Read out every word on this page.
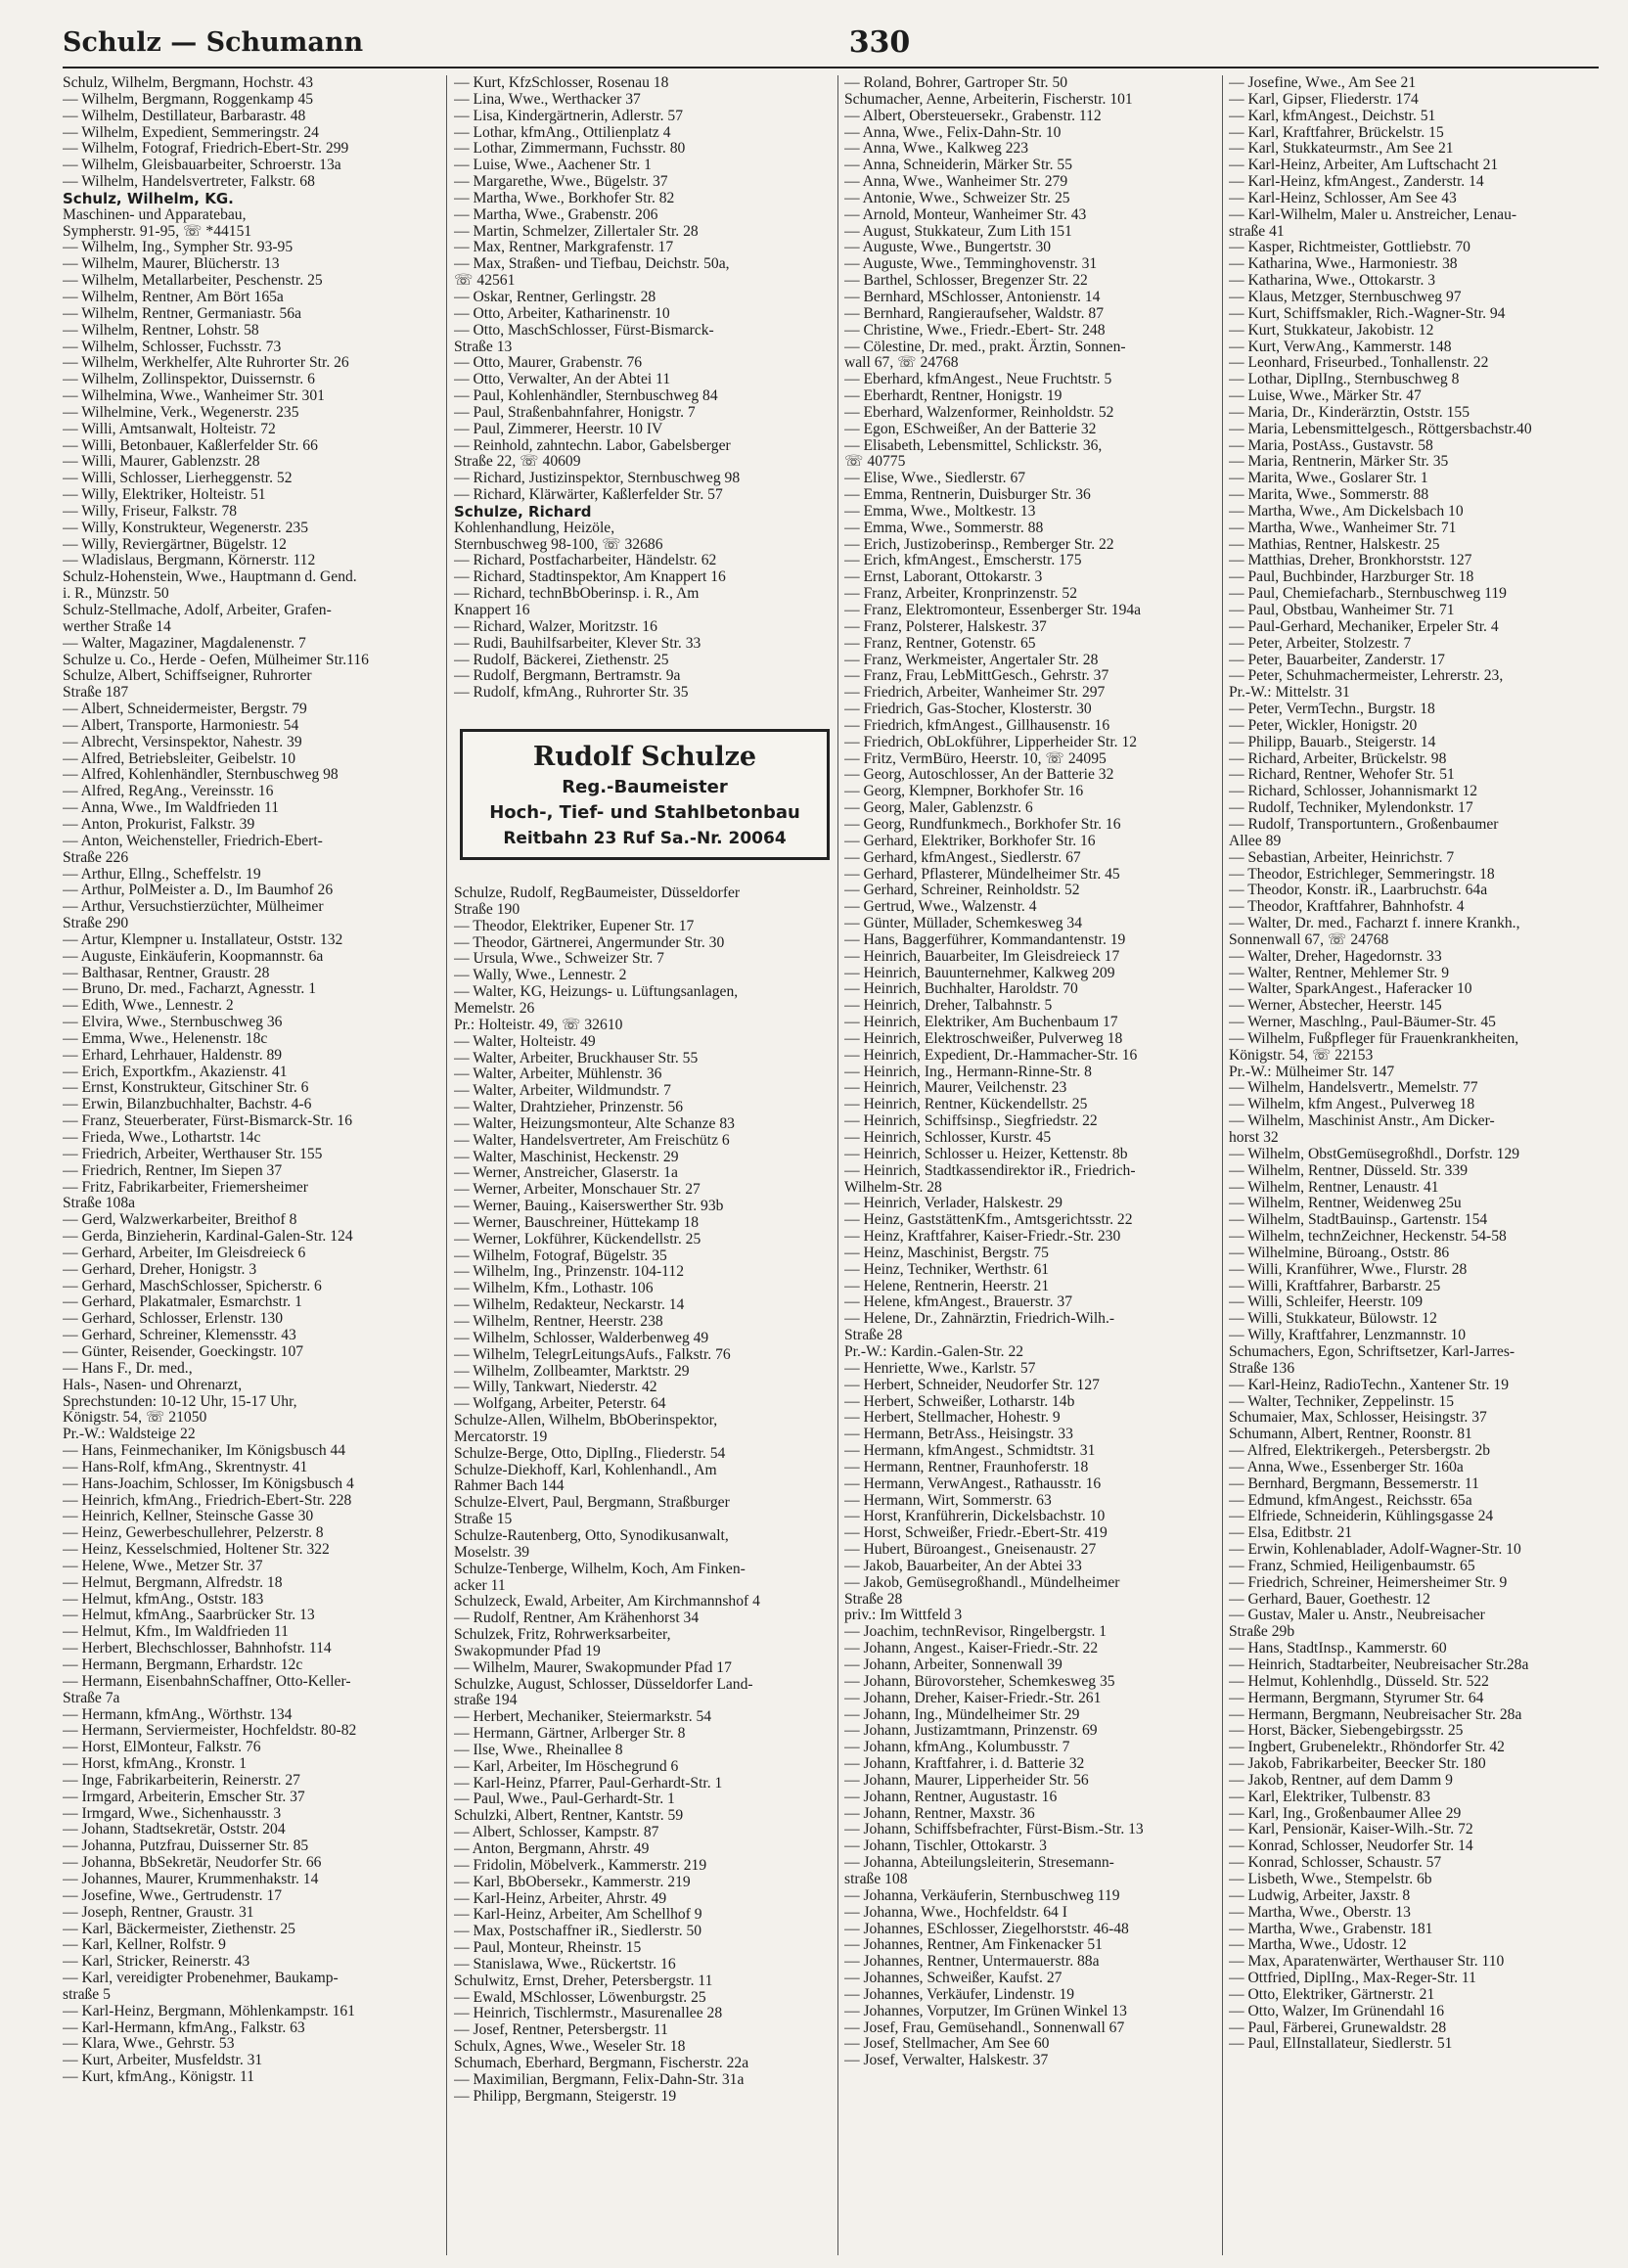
Schulz — Schumann	330
Schulz, Wilhelm, Bergmann, Hochstr. 43
— Wilhelm, Bergmann, Roggenkamp 45
— Wilhelm, Destillateur, Barbarastr. 48
— Wilhelm, Expedient, Semmeringstr. 24
— Wilhelm, Fotograf, Friedrich-Ebert-Str. 299
— Wilhelm, Gleisbauarbeiter, Schroerstr. 13a
— Wilhelm, Handelsvertreter, Falkstr. 68
Schulz, Wilhelm, KG.
Maschinen- und Apparatebau,
Sympherstr. 91-95, ☏ *44151
— Wilhelm, Ing., Sympher Str. 93-95
— Wilhelm, Maurer, Blücherstr. 13
— Wilhelm, Metallarbeiter, Peschenstr. 25
— Wilhelm, Rentner, Am Bört 165a
— Wilhelm, Rentner, Germaniastr. 56a
— Wilhelm, Rentner, Lohstr. 58
— Wilhelm, Schlosser, Fuchsstr. 73
— Wilhelm, Werkhelfer, Alte Ruhrorter Str. 26
— Wilhelm, Zollinspektor, Duissernstr. 6
— Wilhelmina, Wwe., Wanheimer Str. 301
— Wilhelmine, Verk., Wegenerstr. 235
— Willi, Amtsanwalt, Holteistr. 72
— Willi, Betonbauer, Kaßlerfelder Str. 66
— Willi, Maurer, Gablenzstr. 28
— Willi, Schlosser, Lierheggenstr. 52
— Willy, Elektriker, Holteistr. 51
— Willy, Friseur, Falkstr. 78
— Willy, Konstrukteur, Wegenerstr. 235
— Willy, Reviergärtner, Bügelstr. 12
— Wladislaus, Bergmann, Körnerstr. 112
Schulz-Hohenstein, Wwe., Hauptmann d. Gend.
i. R., Münzstr. 50
Schulz-Stellmache, Adolf, Arbeiter, Grafen-
werther Straße 14
— Walter, Magaziner, Magdalenenstr. 7
Schulze u. Co., Herde - Oefen, Mülheimer Str.116
Schulze, Albert, Schiffseigner, Ruhrorter
Straße 187
— Albert, Schneidermeister, Bergstr. 79
— Albert, Transporte, Harmoniestr. 54
— Albrecht, Versinspektor, Nahestr. 39
— Alfred, Betriebsleiter, Geibelstr. 10
— Alfred, Kohlenhändler, Sternbuschweg 98
— Alfred, RegAng., Vereinsstr. 16
— Anna, Wwe., Im Waldfrieden 11
— Anton, Prokurist, Falkstr. 39
— Anton, Weichensteller, Friedrich-Ebert-
Straße 226
— Arthur, Ellng., Scheffelstr. 19
— Arthur, PolMeister a. D., Im Baumhof 26
— Arthur, Versuchstierzüchter, Mülheimer
Straße 290
— Artur, Klempner u. Installateur, Oststr. 132
— Auguste, Einkäuferin, Koopmannstr. 6a
— Balthasar, Rentner, Graustr. 28
— Bruno, Dr. med., Facharzt, Agnesstr. 1
— Edith, Wwe., Lennestr. 2
— Elvira, Wwe., Sternbuschweg 36
— Emma, Wwe., Helenenstr. 18c
— Erhard, Lehrhauer, Haldenstr. 89
— Erich, Exportkfm., Akazienstr. 41
— Ernst, Konstrukteur, Gitschiner Str. 6
— Erwin, Bilanzbuchhalter, Bachstr. 4-6
— Franz, Steuerberater, Fürst-Bismarck-Str. 16
— Frieda, Wwe., Lothartstr. 14c
— Friedrich, Arbeiter, Werthauser Str. 155
— Friedrich, Rentner, Im Siepen 37
— Fritz, Fabrikarbeiter, Friemersheimer
Straße 108a
— Gerd, Walzwerkarbeiter, Breithof 8
— Gerda, Binzieherin, Kardinal-Galen-Str. 124
— Gerhard, Arbeiter, Im Gleisdreieck 6
— Gerhard, Dreher, Honigstr. 3
— Gerhard, MaschSchlosser, Spicherstr. 6
— Gerhard, Plakatmaler, Esmarchstr. 1
— Gerhard, Schlosser, Erlenstr. 130
— Gerhard, Schreiner, Klemensstr. 43
— Günter, Reisender, Goeckingstr. 107
— Hans F., Dr. med.,
Hals-, Nasen- und Ohrenarzt,
Sprechstunden: 10-12 Uhr, 15-17 Uhr,
Königstr. 54, ☏ 21050
Pr.-W.: Waldsteige 22
— Hans, Feinmechaniker, Im Königsbusch 44
— Hans-Rolf, kfmAng., Skrentnystr. 41
— Hans-Joachim, Schlosser, Im Königsbusch 4
— Heinrich, kfmAng., Friedrich-Ebert-Str. 228
— Heinrich, Kellner, Steinsche Gasse 30
— Heinz, Gewerbeschullehrer, Pelzerstr. 8
— Heinz, Kesselschmied, Holtener Str. 322
— Helene, Wwe., Metzer Str. 37
— Helmut, Bergmann, Alfredstr. 18
— Helmut, kfmAng., Oststr. 183
— Helmut, kfmAng., Saarbrücker Str. 13
— Helmut, Kfm., Im Waldfrieden 11
— Herbert, Blechschlosser, Bahnhofstr. 114
— Hermann, Bergmann, Erhardstr. 12c
— Hermann, EisenbahnSchaffner, Otto-Keller-
Straße 7a
— Hermann, kfmAng., Wörthstr. 134
— Hermann, Serviermeister, Hochfeldstr. 80-82
— Horst, ElMonteur, Falkstr. 76
— Horst, kfmAng., Kronstr. 1
— Inge, Fabrikarbeiterin, Reinerstr. 27
— Irmgard, Arbeiterin, Emscher Str. 37
— Irmgard, Wwe., Sichenhausstr. 3
— Johann, Stadtsekretär, Oststr. 204
— Johanna, Putzfrau, Duisserner Str. 85
— Johanna, BbSekretär, Neudorfer Str. 66
— Johannes, Maurer, Krummenhakstr. 14
— Josefine, Wwe., Gertrudenstr. 17
— Joseph, Rentner, Graustr. 31
— Karl, Bäckermeister, Ziethenstr. 25
— Karl, Kellner, Rolfstr. 9
— Karl, Stricker, Reinerstr. 43
— Karl, vereidigter Probenehmer, Baukamp-
straße 5
— Karl-Heinz, Bergmann, Möhlenkampstr. 161
— Karl-Hermann, kfmAng., Falkstr. 63
— Klara, Wwe., Gehrstr. 53
— Kurt, Arbeiter, Musfeldstr. 31
— Kurt, kfmAng., Königstr. 11
— Kurt, KfzSchlosser, Rosenau 18
— Lina, Wwe., Werthacker 37
— Lisa, Kindergärtnerin, Adlerstr. 57
— Lothar, kfmAng., Ottilienplatz 4
— Lothar, Zimmermann, Fuchsstr. 80
— Luise, Wwe., Aachener Str. 1
— Margarethe, Wwe., Bügelstr. 37
— Martha, Wwe., Borkhofer Str. 82
— Martha, Wwe., Grabenstr. 206
— Martin, Schmelzer, Zillertaler Str. 28
— Max, Rentner, Markgrafenstr. 17
— Max, Straßen- und Tiefbau, Deichstr. 50a,
☏ 42561
— Oskar, Rentner, Gerlingstr. 28
— Otto, Arbeiter, Katharinenstr. 10
— Otto, MaschSchlosser, Fürst-Bismarck-
Straße 13
— Otto, Maurer, Grabenstr. 76
— Otto, Verwalter, An der Abtei 11
— Paul, Kohlenhändler, Sternbuschweg 84
— Paul, Straßenbahnfahrer, Honigstr. 7
— Paul, Zimmerer, Heerstr. 10 IV
— Reinhold, zahntechn. Labor, Gabelsberger
Straße 22, ☏ 40609
— Richard, Justizinspektor, Sternbuschweg 98
— Richard, Klärwärter, Kaßlerfelder Str. 57
Schulze, Richard
Kohlenhandlung, Heizöle,
Sternbuschweg 98-100, ☏ 32686
— Richard, Postfacharbeiter, Händelstr. 62
— Richard, Stadtinspektor, Am Knappert 16
— Richard, technBbOberinsp. i. R., Am
Knappert 16
— Richard, Walzer, Moritzstr. 16
— Rudi, Bauhilfsarbeiter, Klever Str. 33
— Rudolf, Bäckerei, Ziethenstr. 25
— Rudolf, Bergmann, Bertramstr. 9a
— Rudolf, kfmAng., Ruhrorter Str. 35
Rudolf Schulze
Reg.-Baumeister
Hoch-, Tief- und Stahlbetonbau
Reitbahn 23 Ruf Sa.-Nr. 20064
Schulze, Rudolf, RegBaumeister, Düsseldorfer
Straße 190
— Theodor, Elektriker, Eupener Str. 17
— Theodor, Gärtnerei, Angermunder Str. 30
— Ursula, Wwe., Schweizer Str. 7
— Wally, Wwe., Lennestr. 2
— Walter, KG, Heizungs- u. Lüftungsanlagen,
Memelstr. 26
Pr.: Holteistr. 49, ☏ 32610
— Walter, Holteistr. 49
— Walter, Arbeiter, Bruckhauser Str. 55
— Walter, Arbeiter, Mühlenstr. 36
— Walter, Arbeiter, Wildmundstr. 7
— Walter, Drahtzieher, Prinzenstr. 56
— Walter, Heizungsmonteur, Alte Schanze 83
— Walter, Handelsvertreter, Am Freischütz 6
— Walter, Maschinist, Heckenstr. 29
— Werner, Anstreicher, Glaserstr. 1a
— Werner, Arbeiter, Monschauer Str. 27
— Werner, Bauing., Kaiserswerther Str. 93b
— Werner, Bauschreiner, Hüttekamp 18
— Werner, Lokführer, Kückendellstr. 25
— Wilhelm, Fotograf, Bügelstr. 35
— Wilhelm, Ing., Prinzenstr. 104-112
— Wilhelm, Kfm., Lothastr. 106
— Wilhelm, Redakteur, Neckarstr. 14
— Wilhelm, Rentner, Heerstr. 238
— Wilhelm, Schlosser, Walderbenweg 49
— Wilhelm, TelegrLeitungsAufs., Falkstr. 76
— Wilhelm, Zollbeamter, Marktstr. 29
— Willy, Tankwart, Niederstr. 42
— Wolfgang, Arbeiter, Peterstr. 64
Schulze-Allen, Wilhelm, BbOberinspektor,
Mercatorstr. 19
Schulze-Berge, Otto, DiplIng., Fliederstr. 54
Schulze-Diekhoff, Karl, Kohlenhandl., Am
Rahmer Bach 144
Schulze-Elvert, Paul, Bergmann, Straßburger
Straße 15
Schulze-Rautenberg, Otto, Synodikusanwalt,
Moselstr. 39
Schulze-Tenberge, Wilhelm, Koch, Am Finken-
acker 11
Schulzeck, Ewald, Arbeiter, Am Kirchmannshof 4
— Rudolf, Rentner, Am Krähenhorst 34
Schulzek, Fritz, Rohrwerksarbeiter,
Swakopmunder Pfad 19
— Wilhelm, Maurer, Swakopmunder Pfad 17
Schulzke, August, Schlosser, Düsseldorfer Land-
straße 194
— Herbert, Mechaniker, Steiermarkstr. 54
— Hermann, Gärtner, Arlberger Str. 8
— Ilse, Wwe., Rheinallee 8
— Karl, Arbeiter, Im Höschegrund 6
— Karl-Heinz, Pfarrer, Paul-Gerhardt-Str. 1
— Paul, Wwe., Paul-Gerhardt-Str. 1
Schulzki, Albert, Rentner, Kantstr. 59
— Albert, Schlosser, Kampstr. 87
— Anton, Bergmann, Ahrstr. 49
— Fridolin, Möbelverk., Kammerstr. 219
— Karl, BbObersekr., Kammerstr. 219
— Karl-Heinz, Arbeiter, Ahrstr. 49
— Karl-Heinz, Arbeiter, Am Schellhof 9
— Max, Postschaffner iR., Siedlerstr. 50
— Paul, Monteur, Rheinstr. 15
— Stanislawa, Wwe., Rückertstr. 16
Schulwitz, Ernst, Dreher, Petersbergstr. 11
— Ewald, MSchlosser, Löwenburgstr. 25
— Heinrich, Tischlermstr., Masurenallee 28
— Josef, Rentner, Petersbergstr. 11
Schulx, Agnes, Wwe., Weseler Str. 18
Schumach, Eberhard, Bergmann, Fischerstr. 22a
— Maximilian, Bergmann, Felix-Dahn-Str. 31a
— Philipp, Bergmann, Steigerstr. 19
— Roland, Bohrer, Gartroper Str. 50
Schumacher, Aenne, Arbeiterin, Fischerstr. 101
— Albert, Obersteuersekr., Grabenstr. 112
— Anna, Wwe., Felix-Dahn-Str. 10
— Anna, Wwe., Kalkweg 223
— Anna, Schneiderin, Märker Str. 55
— Anna, Wwe., Wanheimer Str. 279
— Antonie, Wwe., Schweizer Str. 25
— Arnold, Monteur, Wanheimer Str. 43
— August, Stukkateur, Zum Lith 151
— Auguste, Wwe., Bungertstr. 30
— Auguste, Wwe., Temminghovenstr. 31
— Barthel, Schlosser, Bregenzer Str. 22
— Bernhard, MSchlosser, Antonienstr. 14
— Bernhard, Rangieraufseher, Waldstr. 87
— Christine, Wwe., Friedr.-Ebert- Str. 248
— Cölestine, Dr. med., prakt. Ärztin, Sonnen-
wall 67, ☏ 24768
— Eberhard, kfmAngest., Neue Fruchtstr. 5
— Eberhardt, Rentner, Honigstr. 19
— Eberhard, Walzenformer, Reinholdstr. 52
— Egon, ESchweißer, An der Batterie 32
— Elisabeth, Lebensmittel, Schlickstr. 36,
☏ 40775
— Elise, Wwe., Siedlerstr. 67
— Emma, Rentnerin, Duisburger Str. 36
— Emma, Wwe., Moltkestr. 13
— Emma, Wwe., Sommerstr. 88
— Erich, Justizoberinsp., Remberger Str. 22
— Erich, kfmAngest., Emscherstr. 175
— Ernst, Laborant, Ottokarstr. 3
— Franz, Arbeiter, Kronprinzenstr. 52
— Franz, Elektromonteur, Essenberger Str. 194a
— Franz, Polsterer, Halskestr. 37
— Franz, Rentner, Gotenstr. 65
— Franz, Werkmeister, Angertaler Str. 28
— Franz, Frau, LebMittGesch., Gehrstr. 37
— Friedrich, Arbeiter, Wanheimer Str. 297
— Friedrich, Gas-Stocher, Klosterstr. 30
— Friedrich, kfmAngest., Gillhausenstr. 16
— Friedrich, ObLokführer, Lipperheider Str. 12
— Fritz, VermBüro, Heerstr. 10, ☏ 24095
— Georg, Autoschlosser, An der Batterie 32
— Georg, Klempner, Borkhofer Str. 16
— Georg, Maler, Gablenzstr. 6
— Georg, Rundfunkmech., Borkhofer Str. 16
— Gerhard, Elektriker, Borkhofer Str. 16
— Gerhard, kfmAngest., Siedlerstr. 67
— Gerhard, Pflasterer, Mündelheimer Str. 45
— Gerhard, Schreiner, Reinholdstr. 52
— Gertrud, Wwe., Walzenstr. 4
— Günter, Müllader, Schemkesweg 34
— Hans, Baggerführer, Kommandantenstr. 19
— Heinrich, Bauarbeiter, Im Gleisdreieck 17
— Heinrich, Bauunternehmer, Kalkweg 209
— Heinrich, Buchhalter, Haroldstr. 70
— Heinrich, Dreher, Talbahnstr. 5
— Heinrich, Elektriker, Am Buchenbaum 17
— Heinrich, Elektroschweißer, Pulverweg 18
— Heinrich, Expedient, Dr.-Hammacher-Str. 16
— Heinrich, Ing., Hermann-Rinne-Str. 8
— Heinrich, Maurer, Veilchenstr. 23
— Heinrich, Rentner, Kückendellstr. 25
— Heinrich, Schiffsinsp., Siegfriedstr. 22
— Heinrich, Schlosser, Kurstr. 45
— Heinrich, Schlosser u. Heizer, Kettenstr. 8b
— Heinrich, Stadtkassendirektor iR., Friedrich-
Wilhelm-Str. 28
— Heinrich, Verlader, Halskestr. 29
— Heinz, GaststättenKfm., Amtsgerichtsstr. 22
— Heinz, Kraftfahrer, Kaiser-Friedr.-Str. 230
— Heinz, Maschinist, Bergstr. 75
— Heinz, Techniker, Werthstr. 61
— Helene, Rentnerin, Heerstr. 21
— Helene, kfmAngest., Brauerstr. 37
— Helene, Dr., Zahnärztin, Friedrich-Wilh.-
Straße 28
Pr.-W.: Kardin.-Galen-Str. 22
— Henriette, Wwe., Karlstr. 57
— Herbert, Schneider, Neudorfer Str. 127
— Herbert, Schweißer, Lotharstr. 14b
— Herbert, Stellmacher, Hohestr. 9
— Hermann, BetrAss., Heisingstr. 33
— Hermann, kfmAngest., Schmidtstr. 31
— Hermann, Rentner, Fraunhoferstr. 18
— Hermann, VerwAngest., Rathausstr. 16
— Hermann, Wirt, Sommerstr. 63
— Horst, Kranführerin, Dickelsbachstr. 10
— Horst, Schweißer, Friedr.-Ebert-Str. 419
— Hubert, Büroangest., Gneisenaustr. 27
— Jakob, Bauarbeiter, An der Abtei 33
— Jakob, Gemüsegroßhandl., Mündelheimer
Straße 28
priv.: Im Wittfeld 3
— Joachim, technRevisor, Ringelbergstr. 1
— Johann, Angest., Kaiser-Friedr.-Str. 22
— Johann, Arbeiter, Sonnenwall 39
— Johann, Bürovorsteher, Schemkesweg 35
— Johann, Dreher, Kaiser-Friedr.-Str. 261
— Johann, Ing., Mündelheimer Str. 29
— Johann, Justizamtmann, Prinzenstr. 69
— Johann, kfmAng., Kolumbusstr. 7
— Johann, Kraftfahrer, i. d. Batterie 32
— Johann, Maurer, Lipperheider Str. 56
— Johann, Rentner, Augustastr. 16
— Johann, Rentner, Maxstr. 36
— Johann, Schiffsbefrachter, Fürst-Bism.-Str. 13
— Johann, Tischler, Ottokarstr. 3
— Johanna, Abteilungsleiterin, Stresemann-
straße 108
— Johanna, Verkäuferin, Sternbuschweg 119
— Johanna, Wwe., Hochfeldstr. 64 I
— Johannes, ESchlosser, Ziegelhorststr. 46-48
— Johannes, Rentner, Am Finkenacker 51
— Johannes, Rentner, Untermauerstr. 88a
— Johannes, Schweißer, Kaufst. 27
— Johannes, Verkäufer, Lindenstr. 19
— Johannes, Vorputzer, Im Grünen Winkel 13
— Josef, Frau, Gemüsehandl., Sonnenwall 67
— Josef, Stellmacher, Am See 60
— Josef, Verwalter, Halskestr. 37
— Josefine, Wwe., Am See 21
— Karl, Gipser, Fliederstr. 174
— Karl, kfmAngest., Deichstr. 51
— Karl, Kraftfahrer, Brückelstr. 15
— Karl, Stukkateurmstr., Am See 21
— Karl-Heinz, Arbeiter, Am Luftschacht 21
— Karl-Heinz, kfmAngest., Zanderstr. 14
— Karl-Heinz, Schlosser, Am See 43
— Karl-Wilhelm, Maler u. Anstreicher, Lenau-
straße 41
— Kasper, Richtmeister, Gottliebstr. 70
— Katharina, Wwe., Harmoniestr. 38
— Katharina, Wwe., Ottokarstr. 3
— Klaus, Metzger, Sternbuschweg 97
— Kurt, Schiffsmakler, Rich.-Wagner-Str. 94
— Kurt, Stukkateur, Jakobistr. 12
— Kurt, VerwAng., Kammerstr. 148
— Leonhard, Friseurbed., Tonhallenstr. 22
— Lothar, DiplIng., Sternbuschweg 8
— Luise, Wwe., Märker Str. 47
— Maria, Dr., Kinderärztin, Oststr. 155
— Maria, Lebensmittelgesch., Röttgersbachstr.40
— Maria, PostAss., Gustavstr. 58
— Maria, Rentnerin, Märker Str. 35
— Marita, Wwe., Goslarer Str. 1
— Marita, Wwe., Sommerstr. 88
— Martha, Wwe., Am Dickelsbach 10
— Martha, Wwe., Wanheimer Str. 71
— Mathias, Rentner, Halskestr. 25
— Matthias, Dreher, Bronkhorststr. 127
— Paul, Buchbinder, Harzburger Str. 18
— Paul, Chemiefacharb., Sternbuschweg 119
— Paul, Obstbau, Wanheimer Str. 71
— Paul-Gerhard, Mechaniker, Erpeler Str. 4
— Peter, Arbeiter, Stolzestr. 7
— Peter, Bauarbeiter, Zanderstr. 17
— Peter, Schuhmachermeister, Lehrerstr. 23,
Pr.-W.: Mittelstr. 31
— Peter, VermTechn., Burgstr. 18
— Peter, Wickler, Honigstr. 20
— Philipp, Bauarb., Steigerstr. 14
— Richard, Arbeiter, Brückelstr. 98
— Richard, Rentner, Wehofer Str. 51
— Richard, Schlosser, Johannismarkt 12
— Rudolf, Techniker, Mylendonkstr. 17
— Rudolf, Transportuntern., Großenbaumer
Allee 89
— Sebastian, Arbeiter, Heinrichstr. 7
— Theodor, Estrichleger, Semmeringstr. 18
— Theodor, Konstr. iR., Laarbruchstr. 64a
— Theodor, Kraftfahrer, Bahnhofstr. 4
— Walter, Dr. med., Facharzt f. innere Krankh.,
Sonnenwall 67, ☏ 24768
— Walter, Dreher, Hagedornstr. 33
— Walter, Rentner, Mehlemer Str. 9
— Walter, SparkAngest., Haferacker 10
— Werner, Abstecher, Heerstr. 145
— Werner, Maschlng., Paul-Bäumer-Str. 45
— Wilhelm, Fußpfleger für Frauenkrankheiten,
Königstr. 54, ☏ 22153
Pr.-W.: Mülheimer Str. 147
— Wilhelm, Handelsvertr., Memelstr. 77
— Wilhelm, kfm Angest., Pulverweg 18
— Wilhelm, Maschinist Anstr., Am Dicker-
horst 32
— Wilhelm, ObstGemüsegroßhdl., Dorfstr. 129
— Wilhelm, Rentner, Düsseld. Str. 339
— Wilhelm, Rentner, Lenaustr. 41
— Wilhelm, Rentner, Weidenweg 25u
— Wilhelm, StadtBauinsp., Gartenstr. 154
— Wilhelm, technZeichner, Heckenstr. 54-58
— Wilhelmine, Büroang., Oststr. 86
— Willi, Kranführer, Wwe., Flurstr. 28
— Willi, Kraftfahrer, Barbarstr. 25
— Willi, Schleifer, Heerstr. 109
— Willi, Stukkateur, Bülowstr. 12
— Willy, Kraftfahrer, Lenzmannstr. 10
Schumachers, Egon, Schriftsetzer, Karl-Jarres-
Straße 136
— Karl-Heinz, RadioTechn., Xantener Str. 19
— Walter, Techniker, Zeppelinstr. 15
Schumaier, Max, Schlosser, Heisingstr. 37
Schumann, Albert, Rentner, Roonstr. 81
— Alfred, Elektrikergeh., Petersbergstr. 2b
— Anna, Wwe., Essenberger Str. 160a
— Bernhard, Bergmann, Bessemerstr. 11
— Edmund, kfmAngest., Reichsstr. 65a
— Elfriede, Schneiderin, Kühlingsgasse 24
— Elsa, Editbstr. 21
— Erwin, Kohlenablader, Adolf-Wagner-Str. 10
— Franz, Schmied, Heiligenbaumstr. 65
— Friedrich, Schreiner, Heimersheimer Str. 9
— Gerhard, Bauer, Goethestr. 12
— Gustav, Maler u. Anstr., Neubreisacher
Straße 29b
— Hans, StadtInsp., Kammerstr. 60
— Heinrich, Stadtarbeiter, Neubreisacher Str.28a
— Helmut, Kohlenhdlg., Düsseld. Str. 522
— Hermann, Bergmann, Styrumer Str. 64
— Hermann, Bergmann, Neubreisacher Str. 28a
— Horst, Bäcker, Siebengebirgsstr. 25
— Ingbert, Grubenelektr., Rhöndorfer Str. 42
— Jakob, Fabrikarbeiter, Beecker Str. 180
— Jakob, Rentner, auf dem Damm 9
— Karl, Elektriker, Tulbenstr. 83
— Karl, Ing., Großenbaumer Allee 29
— Karl, Pensionär, Kaiser-Wilh.-Str. 72
— Konrad, Schlosser, Neudorfer Str. 14
— Konrad, Schlosser, Schaustr. 57
— Lisbeth, Wwe., Stempelstr. 6b
— Ludwig, Arbeiter, Jaxstr. 8
— Martha, Wwe., Oberstr. 13
— Martha, Wwe., Grabenstr. 181
— Martha, Wwe., Udostr. 12
— Max, Aparatenwärter, Werthauser Str. 110
— Ottfried, DiplIng., Max-Reger-Str. 11
— Otto, Elektriker, Gärtnerstr. 21
— Otto, Walzer, Im Grünendahl 16
— Paul, Färberei, Grunewaldstr. 28
— Paul, ElInstallateur, Siedlerstr. 51
